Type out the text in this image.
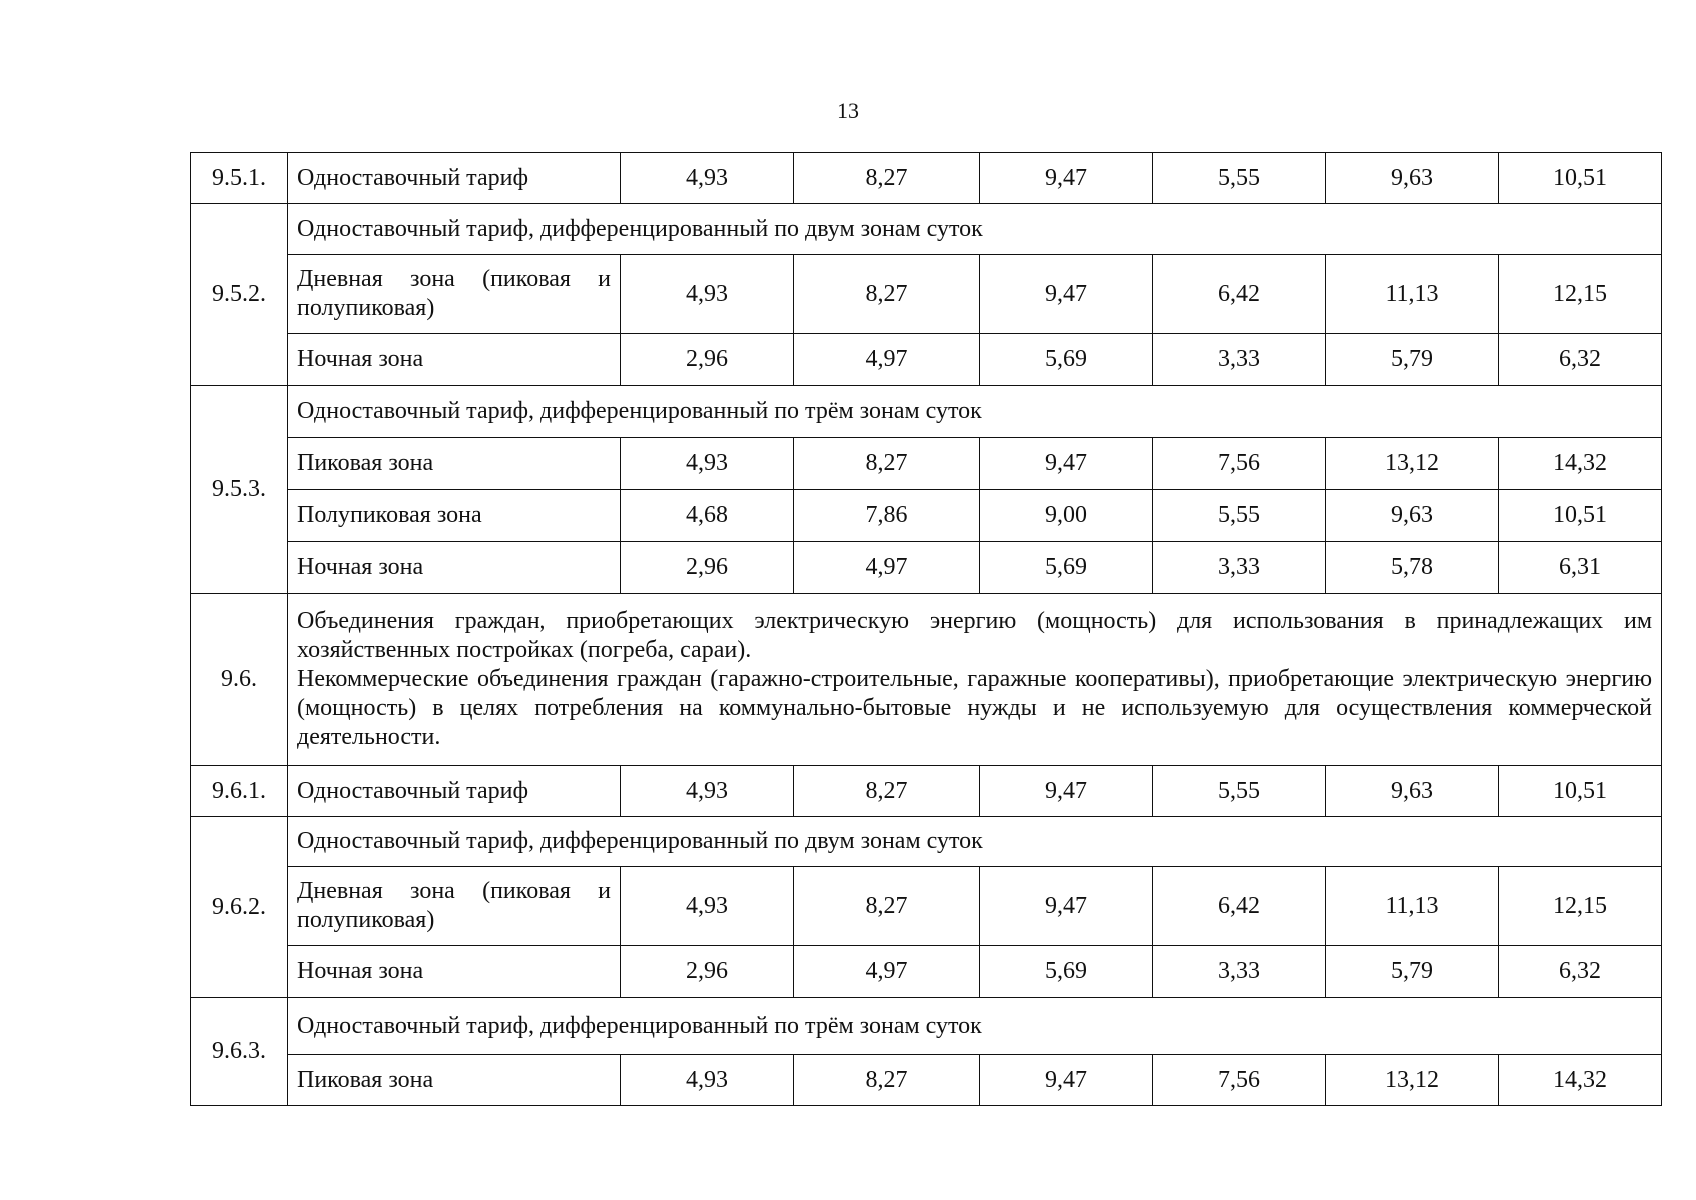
13
9.5.1.	Одноставочный тариф	4,93	8,27	9,47	5,55	9,63	10,51
9.5.2.	Одноставочный тариф, дифференцированный по двум зонам суток						
	Дневная зона (пиковая и полупиковая)	4,93	8,27	9,47	6,42	11,13	12,15
	Ночная зона	2,96	4,97	5,69	3,33	5,79	6,32
9.5.3.	Одноставочный тариф, дифференцированный по трём зонам суток						
	Пиковая зона	4,93	8,27	9,47	7,56	13,12	14,32
	Полупиковая зона	4,68	7,86	9,00	5,55	9,63	10,51
	Ночная зона	2,96	4,97	5,69	3,33	5,78	6,31
9.6.	Объединения граждан, приобретающих электрическую энергию (мощность) для использования в принадлежащих им хозяйственных постройках (погреба, сараи).
Некоммерческие объединения граждан (гаражно-строительные, гаражные кооперативы), приобретающие электрическую энергию (мощность) в целях потребления на коммунально-бытовые нужды и не используемую для осуществления коммерческой деятельности.						

9.6.1.	Одноставочный тариф	4,93	8,27	9,47	5,55	9,63	10,51
9.6.2.	Одноставочный тариф, дифференцированный по двум зонам суток						
	Дневная зона (пиковая и полупиковая)	4,93	8,27	9,47	6,42	11,13	12,15
	Ночная зона	2,96	4,97	5,69	3,33	5,79	6,32
9.6.3.	Одноставочный тариф, дифференцированный по трём зонам суток						
	Пиковая зона	4,93	8,27	9,47	7,56	13,12	14,32
